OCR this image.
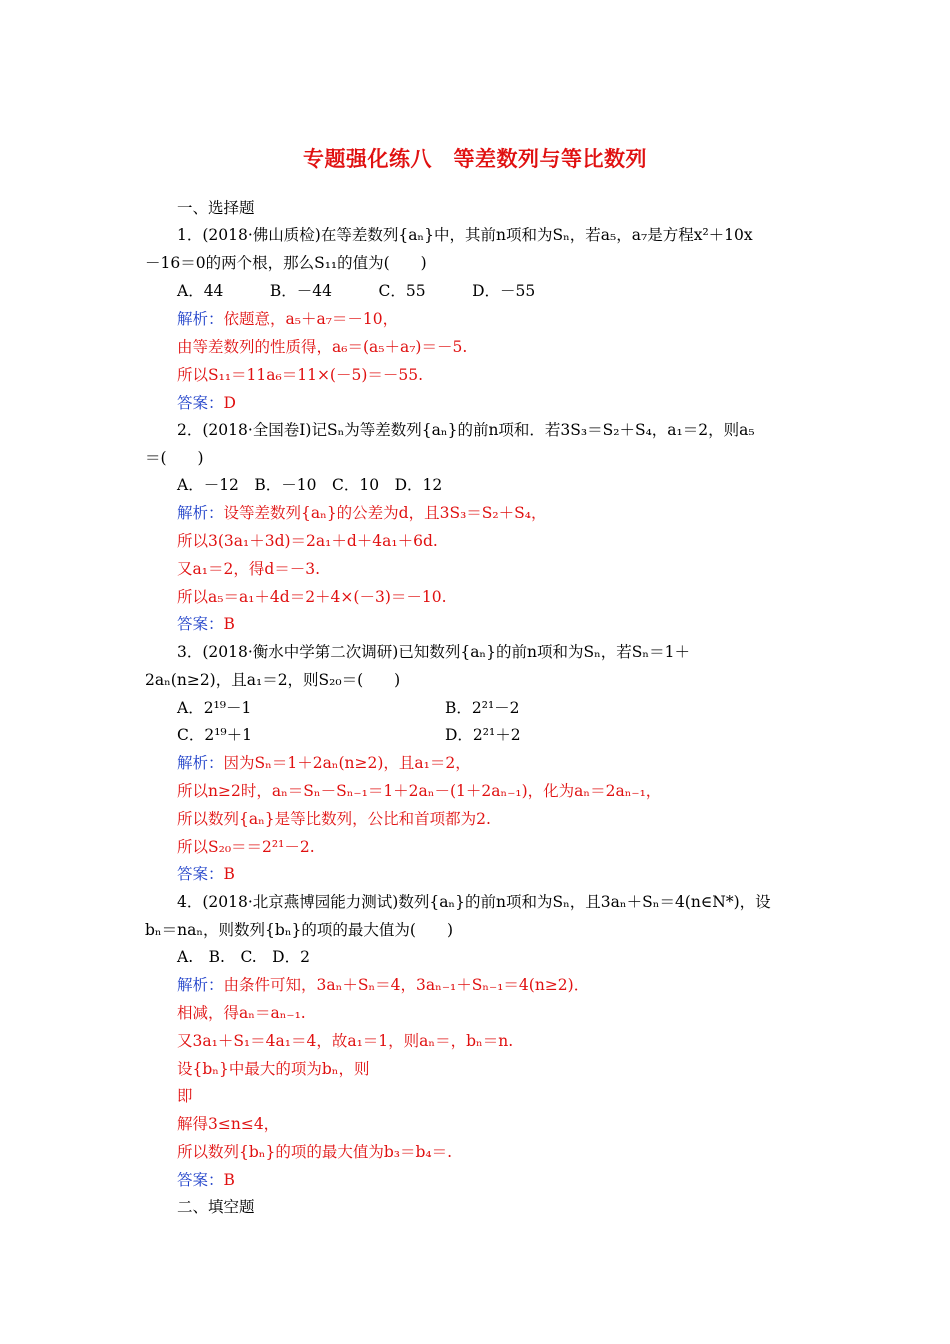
专题强化练八　等差数列与等比数列
一、选择题
1．(2018·佛山质检)在等差数列{aₙ}中，其前n项和为Sₙ，若a₅，a₇是方程x²＋10x
－16＝0的两个根，那么S₁₁的值为(　　)
A．44　　　B．－44　　　C．55　　　D．－55
解析：依题意，a₅＋a₇＝－10，
由等差数列的性质得，a₆＝(a₅＋a₇)＝－5.
所以S₁₁＝11a₆＝11×(－5)＝－55.
答案：D
2．(2018·全国卷Ⅰ)记Sₙ为等差数列{aₙ}的前n项和．若3S₃＝S₂＋S₄，a₁＝2，则a₅
＝(　　)
A．－12　B．－10　C．10　D．12
解析：设等差数列{aₙ}的公差为d，且3S₃＝S₂＋S₄，
所以3(3a₁＋3d)＝2a₁＋d＋4a₁＋6d.
又a₁＝2，得d＝－3.
所以a₅＝a₁＋4d＝2＋4×(－3)＝－10.
答案：B
3．(2018·衡水中学第二次调研)已知数列{aₙ}的前n项和为Sₙ，若Sₙ＝1＋
2aₙ(n≥2)，且a₁＝2，则S₂₀＝(　　)
A．2¹⁹－1	B．2²¹－2
C．2¹⁹＋1	D．2²¹＋2
解析：因为Sₙ＝1＋2aₙ(n≥2)，且a₁＝2，
所以n≥2时，aₙ＝Sₙ－Sₙ₋₁＝1＋2aₙ－(1＋2aₙ₋₁)，化为aₙ＝2aₙ₋₁，
所以数列{aₙ}是等比数列，公比和首项都为2.
所以S₂₀＝＝2²¹－2.
答案：B
4．(2018·北京燕博园能力测试)数列{aₙ}的前n项和为Sₙ，且3aₙ＋Sₙ＝4(n∈N*)，设
bₙ＝naₙ，则数列{bₙ}的项的最大值为(　　)
A.　B.　C.　D．2
解析：由条件可知，3aₙ＋Sₙ＝4，3aₙ₋₁＋Sₙ₋₁＝4(n≥2)．
相减，得aₙ＝aₙ₋₁.
又3a₁＋S₁＝4a₁＝4，故a₁＝1，则aₙ＝，bₙ＝n.
设{bₙ}中最大的项为bₙ，则
即
解得3≤n≤4，
所以数列{bₙ}的项的最大值为b₃＝b₄＝.
答案：B
二、填空题
